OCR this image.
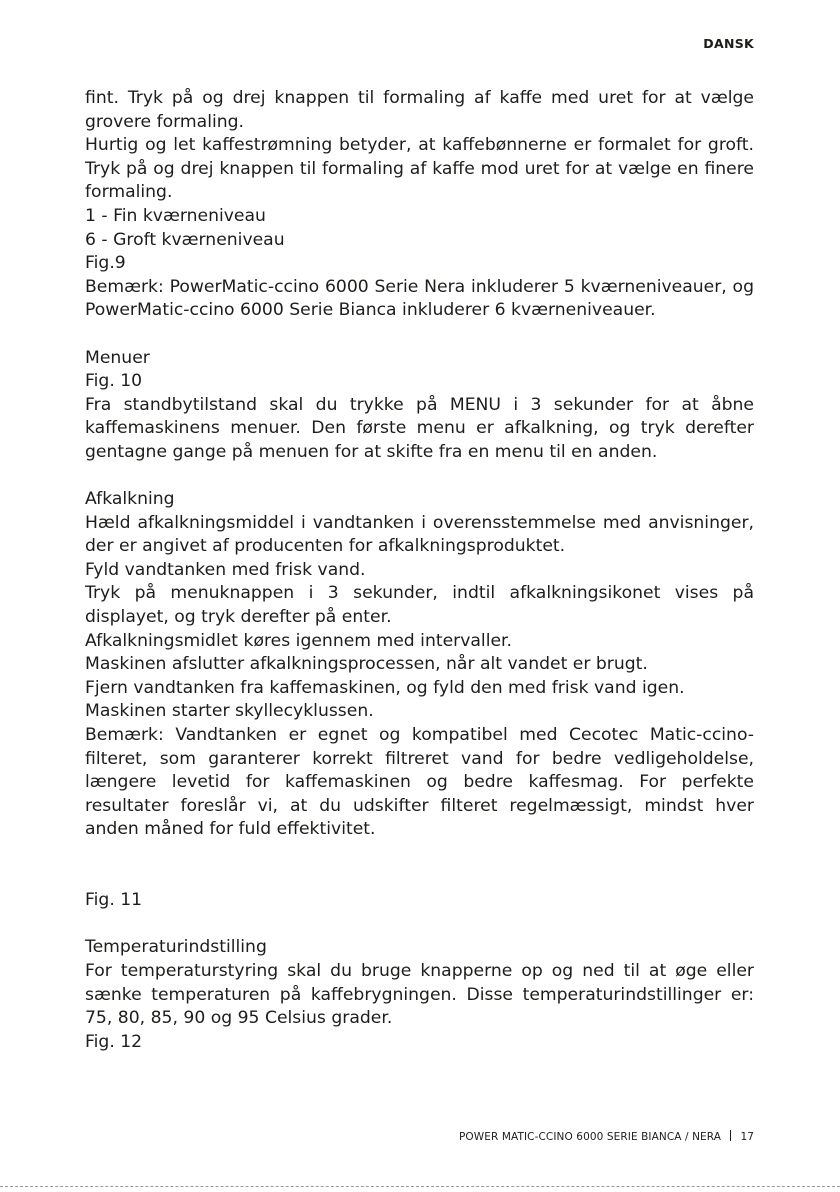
DANSK
fint. Tryk på og drej knappen til formaling af kaffe med uret for at vælge grovere formaling.
Hurtig og let kaffestrømning betyder, at kaffebønnerne er formalet for groft. Tryk på og drej knappen til formaling af kaffe mod uret for at vælge en finere formaling.
1 - Fin kværneniveau
6 - Groft kværneniveau
Fig.9
Bemærk: PowerMatic-ccino 6000 Serie Nera inkluderer 5 kværneniveauer, og PowerMatic-ccino 6000 Serie Bianca inkluderer 6 kværneniveauer.
Menuer
Fig. 10
Fra standbytilstand skal du trykke på MENU i 3 sekunder for at åbne kaffemaskinens menuer. Den første menu er afkalkning, og tryk derefter gentagne gange på menuen for at skifte fra en menu til en anden.
Afkalkning
Hæld afkalkningsmiddel i vandtanken i overensstemmelse med anvisninger, der er angivet af producenten for afkalkningsproduktet.
Fyld vandtanken med frisk vand.
Tryk på menuknappen i 3 sekunder, indtil afkalkningsikonet vises på displayet, og tryk derefter på enter.
Afkalkningsmidlet køres igennem med intervaller.
Maskinen afslutter afkalkningsprocessen, når alt vandet er brugt.
Fjern vandtanken fra kaffemaskinen, og fyld den med frisk vand igen.
Maskinen starter skyllecyklussen.
Bemærk: Vandtanken er egnet og kompatibel med Cecotec Matic-ccino-filteret, som garanterer korrekt filtreret vand for bedre vedligeholdelse, længere levetid for kaffemaskinen og bedre kaffesmag. For perfekte resultater foreslår vi, at du udskifter filteret regelmæssigt, mindst hver anden måned for fuld effektivitet.
Fig. 11
Temperaturindstilling
For temperaturstyring skal du bruge knapperne op og ned til at øge eller sænke temperaturen på kaffebrygningen. Disse temperaturindstillinger er: 75, 80, 85, 90 og 95 Celsius grader.
Fig. 12
POWER MATIC-CCINO 6000 SERIE BIANCA / NERA 17
